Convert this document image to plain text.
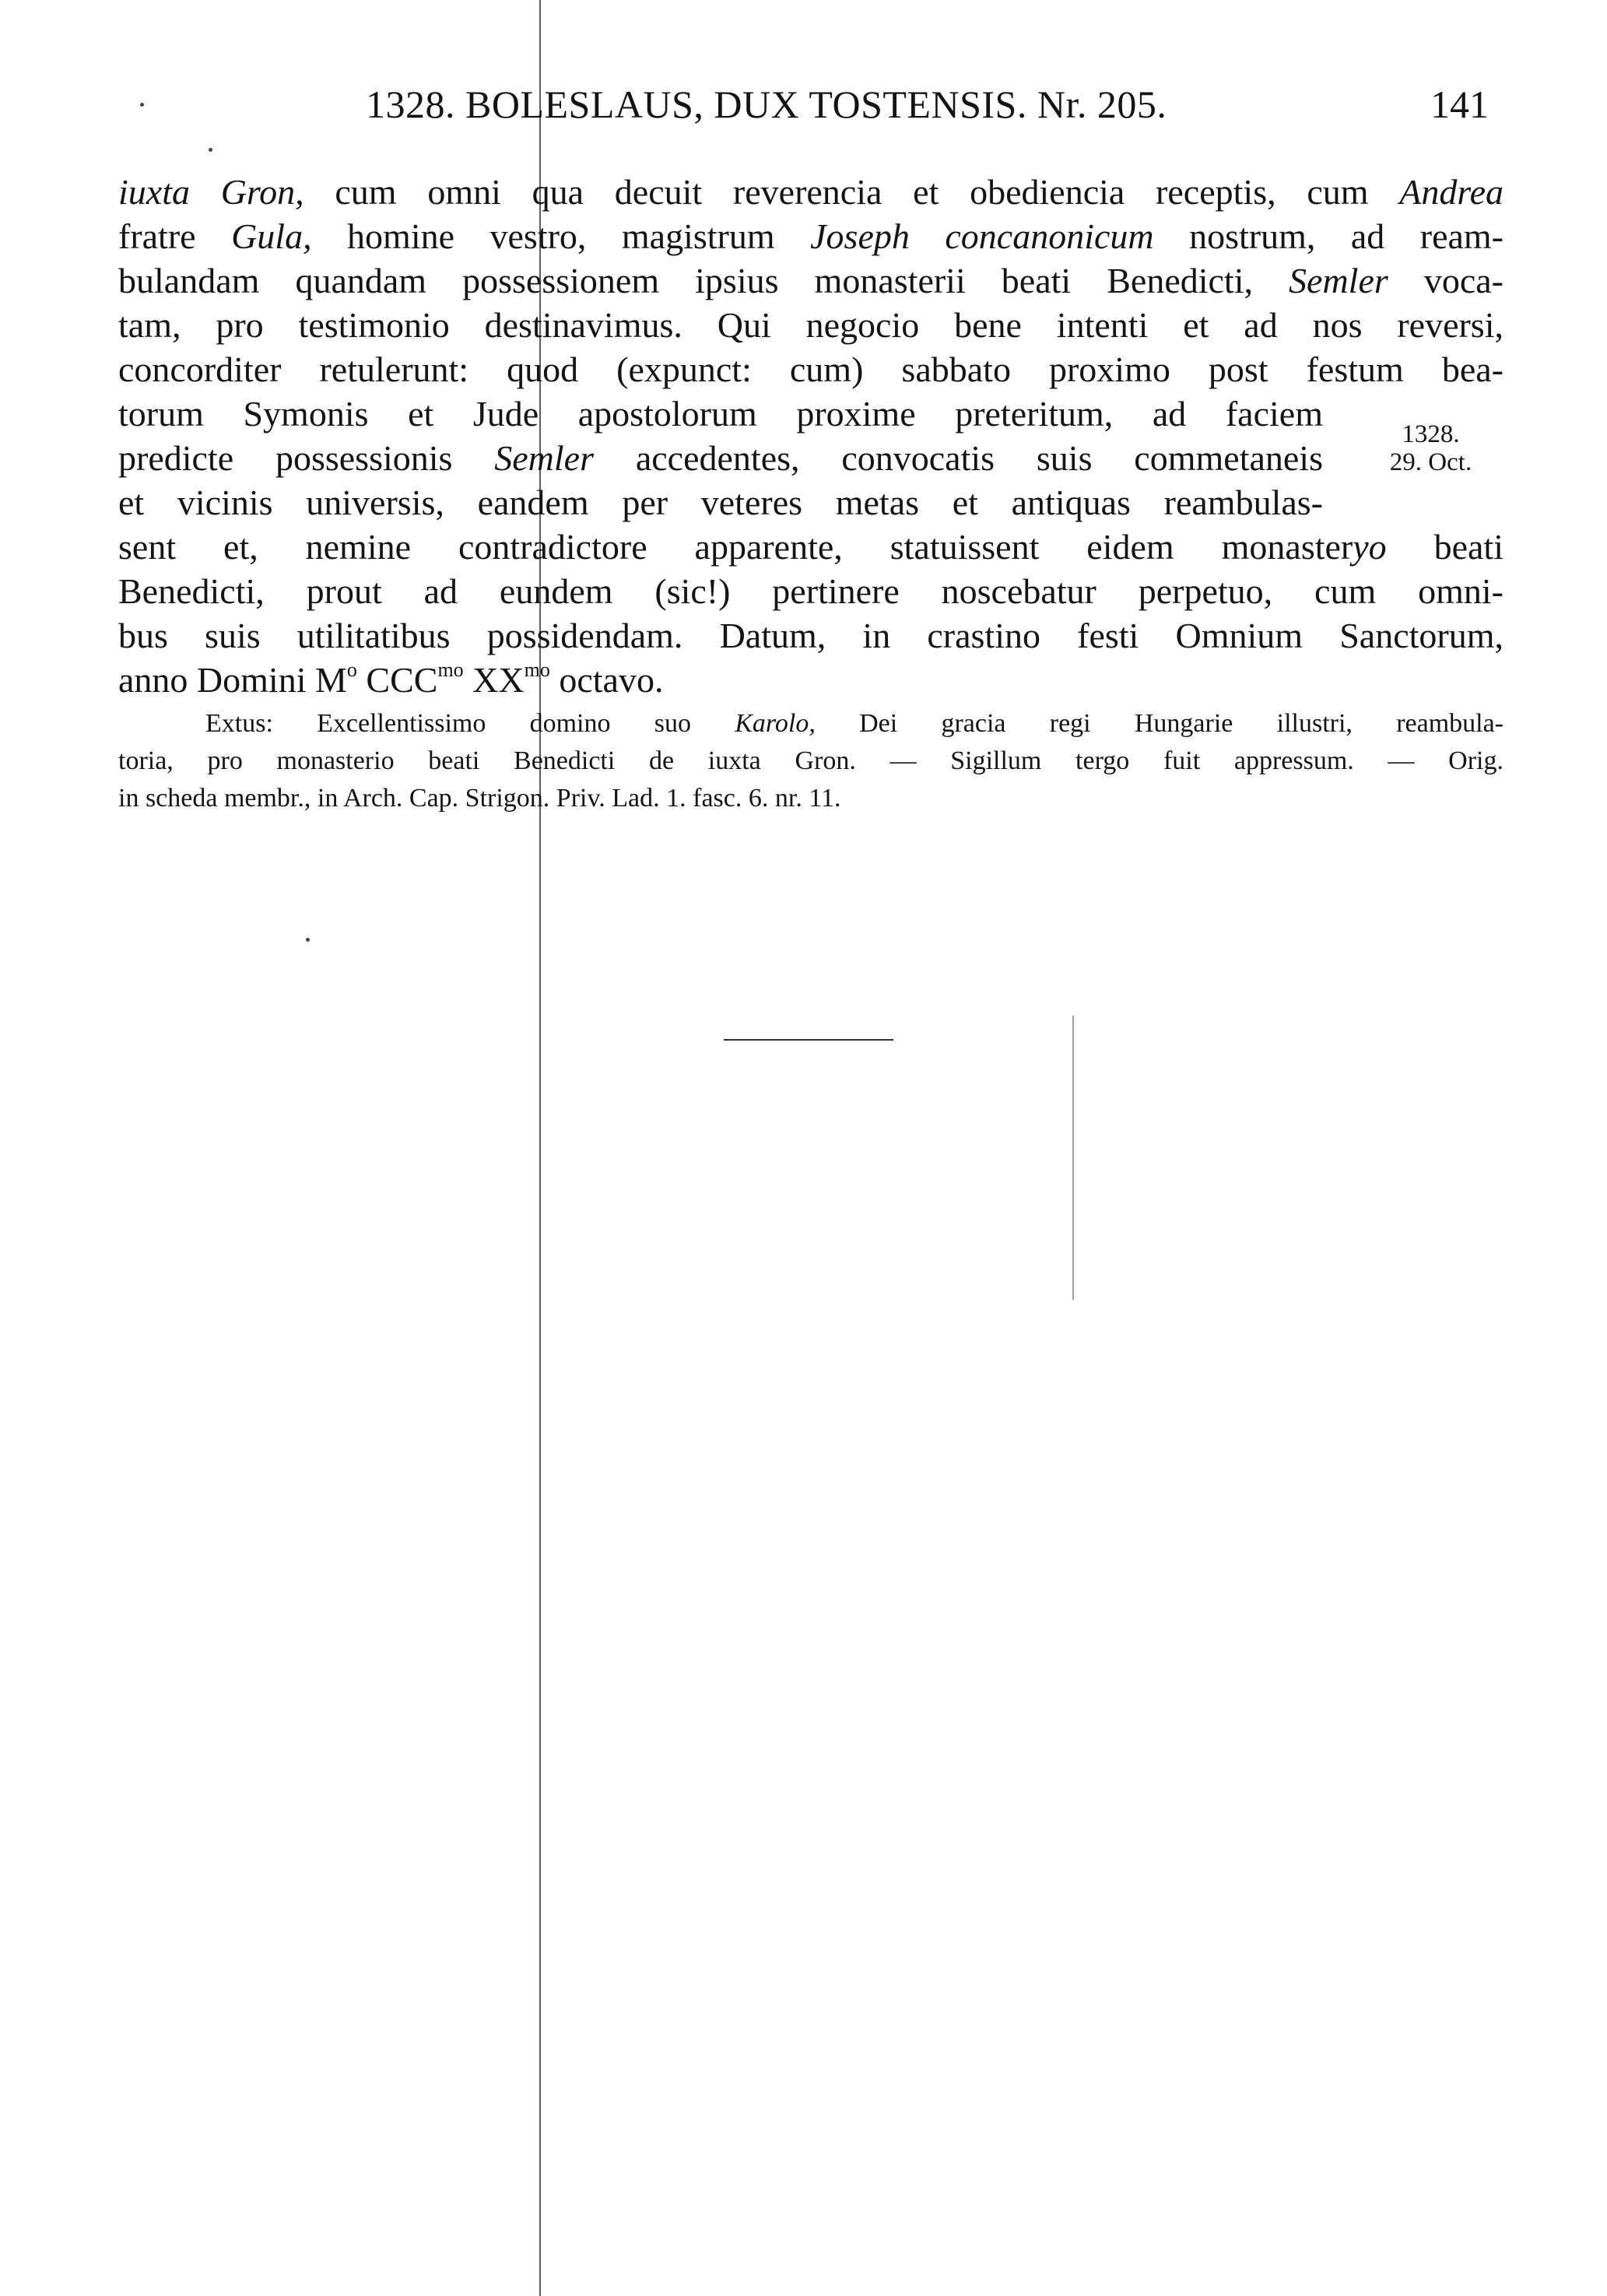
1328. BOLESLAUS, DUX TOSTENSIS. Nr. 205.	141
iuxta Gron, cum omni qua decuit reverencia et obediencia receptis, cum Andrea
fratre Gula, homine vestro, magistrum Joseph concanonicum nostrum, ad ream-
bulandam quandam possessionem ipsius monasterii beati Benedicti, Semler voca-
tam, pro testimonio destinavimus. Qui negocio bene intenti et ad nos reversi,
concorditer retulerunt: quod (expunct: cum) sabbato proximo post festum bea-
torum Symonis et Jude apostolorum proxime preteritum, ad faciem
predicte possessionis Semler accedentes, convocatis suis commetaneis
et vicinis universis, eandem per veteres metas et antiquas reambulas-
sent et, nemine contradictore apparente, statuissent eidem monasteryo beati
Benedicti, prout ad eundem (sic!) pertinere noscebatur perpetuo, cum omni-
bus suis utilitatibus possidendam. Datum, in crastino festi Omnium Sanctorum,
anno Domini $M^o$ $CCC^{mo}$ $XX^{mo}$ octavo.
1328.
29. Oct.
Extus: Excellentissimo domino suo Karolo, Dei gracia regi Hungarie illustri, reambula-
toria, pro monasterio beati Benedicti de iuxta Gron. — Sigillum tergo fuit appressum. — Orig.
in scheda membr., in Arch. Cap. Strigon. Priv. Lad. 1. fasc. 6. nr. 11.
